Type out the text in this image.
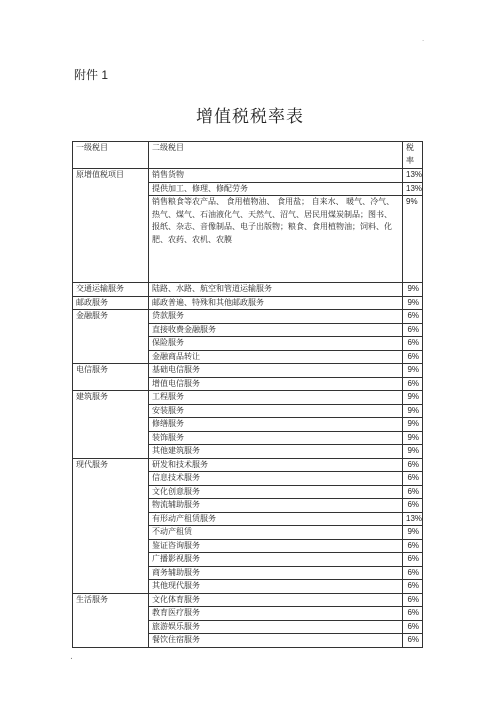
.
附件 1
增值税税率表
一级税目	二级税目	税率
原增值税项目	销售货物	13%
	提供加工、修理、修配劳务	13%
	销售粮食等农产品、 食用植物油、 食用盐； 自来水、 暖气、冷气、热气、煤气、石油液化气、天然气、沼气、居民用煤炭制品；图书、报纸、杂志、音像制品、电子出版物；粮食、食用植物油；饲料、化肥、农药、农机、农膜	9%
交通运输服务	陆路、水路、航空和管道运输服务	9%
邮政服务	邮政普遍、特殊和其他邮政服务	9%
金融服务	贷款服务	6%
	直接收费金融服务	6%
	保险服务	6%
	金融商品转让	6%
电信服务	基础电信服务	9%
	增值电信服务	6%
建筑服务	工程服务	9%
	安装服务	9%
	修缮服务	9%
	装饰服务	9%
	其他建筑服务	9%
现代服务	研发和技术服务	6%
	信息技术服务	6%
	文化创意服务	6%
	物流辅助服务	6%
	有形动产租赁服务	13%
	不动产租赁	9%
	鉴证咨询服务	6%
	广播影视服务	6%
	商务辅助服务	6%
	其他现代服务	6%
生活服务	文化体育服务	6%
	教育医疗服务	6%
	旅游娱乐服务	6%
	餐饮住宿服务	6%
.
